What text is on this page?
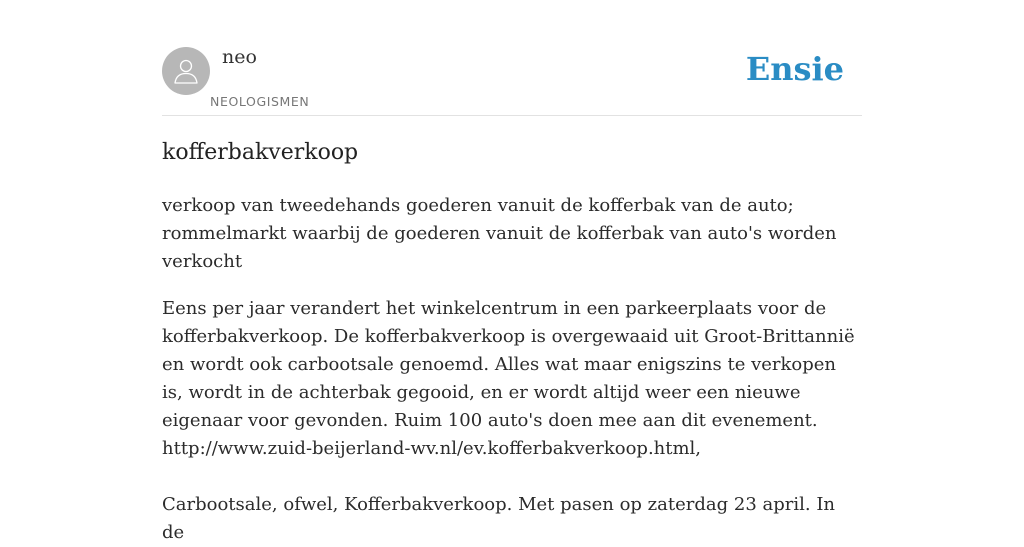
neo
NEOLOGISMEN
Ensie
kofferbakverkoop

verkoop van tweedehands goederen vanuit de kofferbak van de auto; rommelmarkt waarbij de goederen vanuit de kofferbak van auto's worden verkocht

Eens per jaar verandert het winkelcentrum in een parkeerplaats voor de kofferbakverkoop. De kofferbakverkoop is overgewaaid uit Groot-Brittannië en wordt ook carbootsale genoemd. Alles wat maar enigszins te verkopen is, wordt in de achterbak gegooid, en er wordt altijd weer een nieuwe eigenaar voor gevonden. Ruim 100 auto's doen mee aan dit evenement. http://www.zuid-beijerland-wv.nl/ev.kofferbakverkoop.html,

Carbootsale, ofwel, Kofferbakverkoop. Met pasen op zaterdag 23 april. In de
